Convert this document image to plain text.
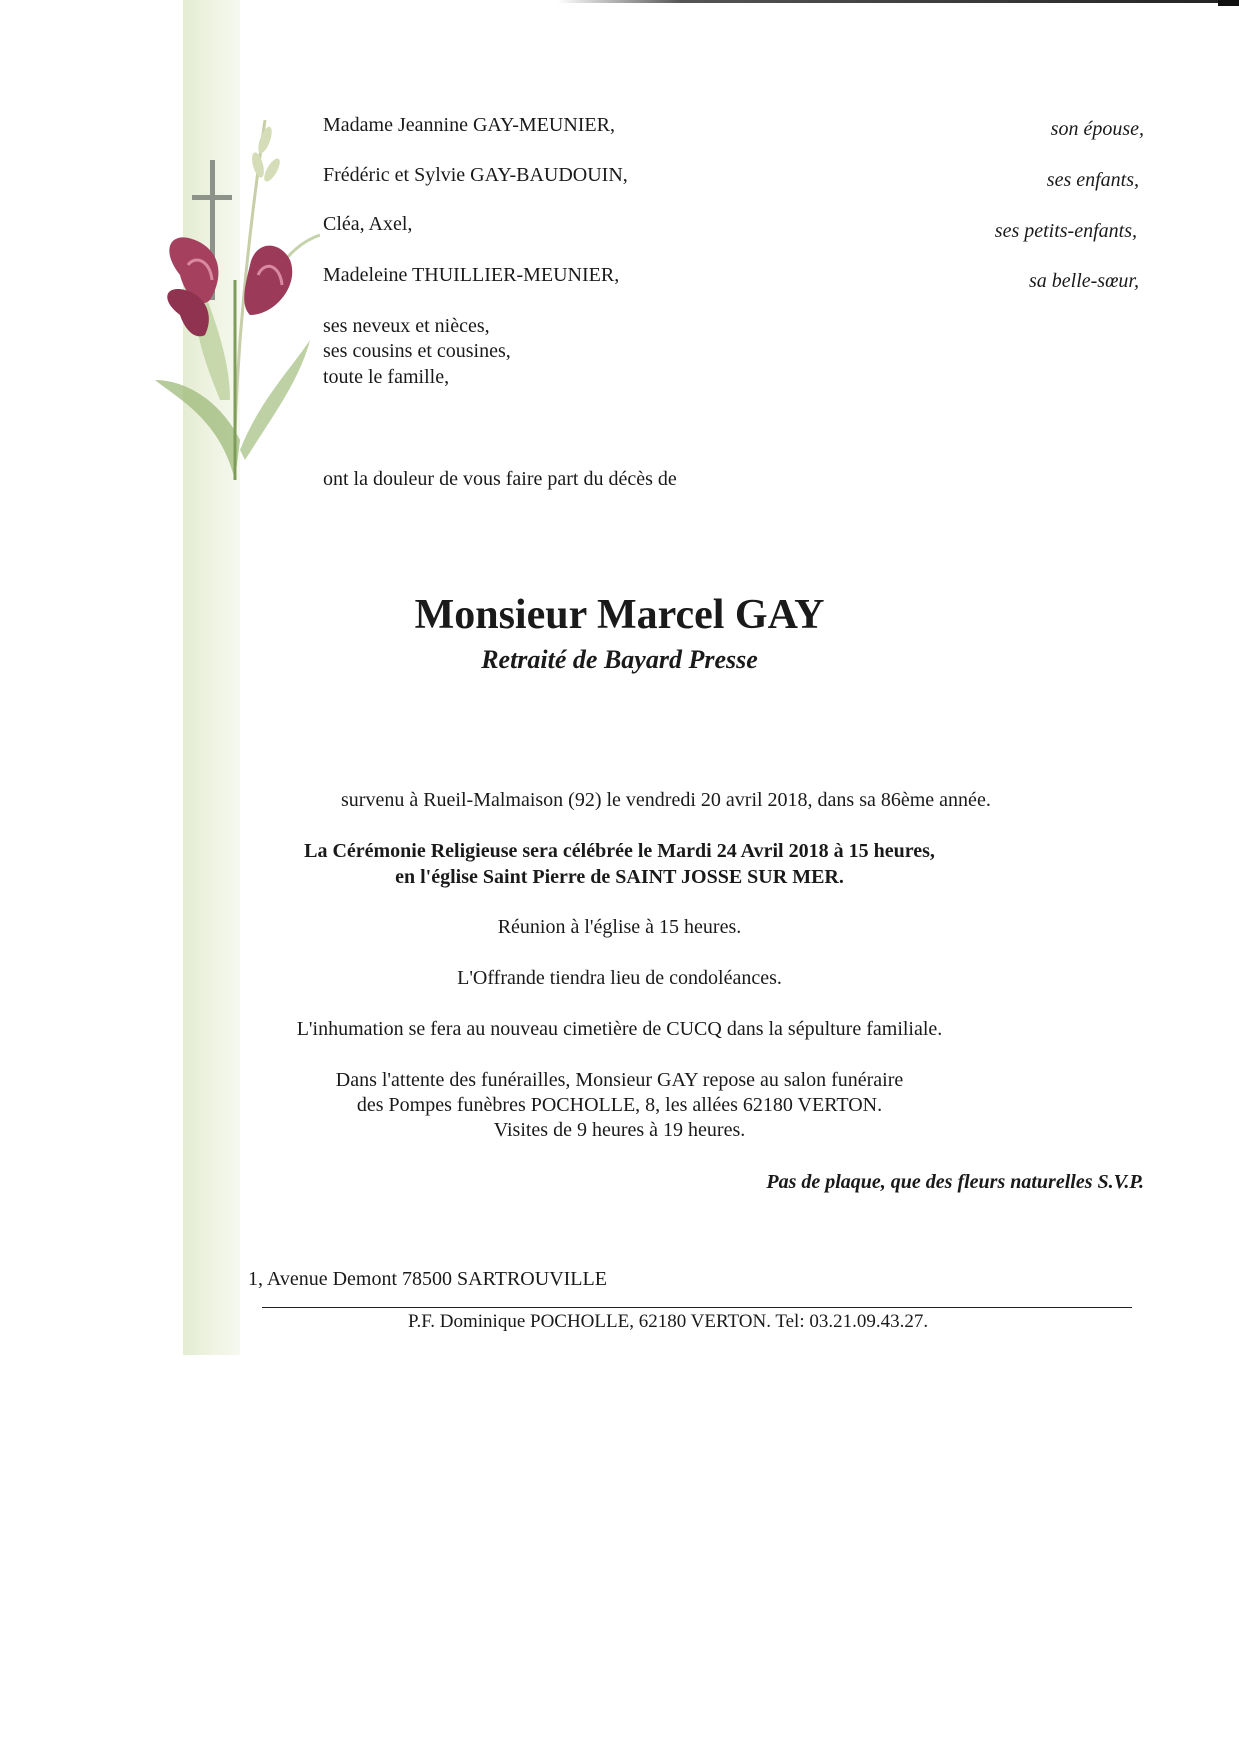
Madame Jeannine GAY-MEUNIER,
Frédéric et Sylvie GAY-BAUDOUIN,
Cléa, Axel,
Madeleine THUILLIER-MEUNIER,
son épouse,
ses enfants,
ses petits-enfants,
sa belle-sœur,
ses neveux et nièces,
ses cousins et cousines,
toute le famille,
ont la douleur de vous faire part du décès de
Monsieur Marcel GAY
Retraité de Bayard Presse
survenu à Rueil-Malmaison (92) le vendredi 20 avril 2018, dans sa 86ème année.
La Cérémonie Religieuse sera célébrée le Mardi 24 Avril 2018 à 15 heures,
en l'église Saint Pierre de SAINT JOSSE SUR MER.
Réunion à l'église à 15 heures.
L'Offrande tiendra lieu de condoléances.
L'inhumation se fera au nouveau cimetière de CUCQ dans la sépulture familiale.
Dans l'attente des funérailles, Monsieur GAY repose au salon funéraire
des Pompes funèbres POCHOLLE, 8, les allées 62180 VERTON.
Visites de 9 heures à 19 heures.
Pas de plaque, que des fleurs naturelles S.V.P.
1, Avenue Demont 78500 SARTROUVILLE
P.F. Dominique POCHOLLE, 62180 VERTON. Tel: 03.21.09.43.27.
